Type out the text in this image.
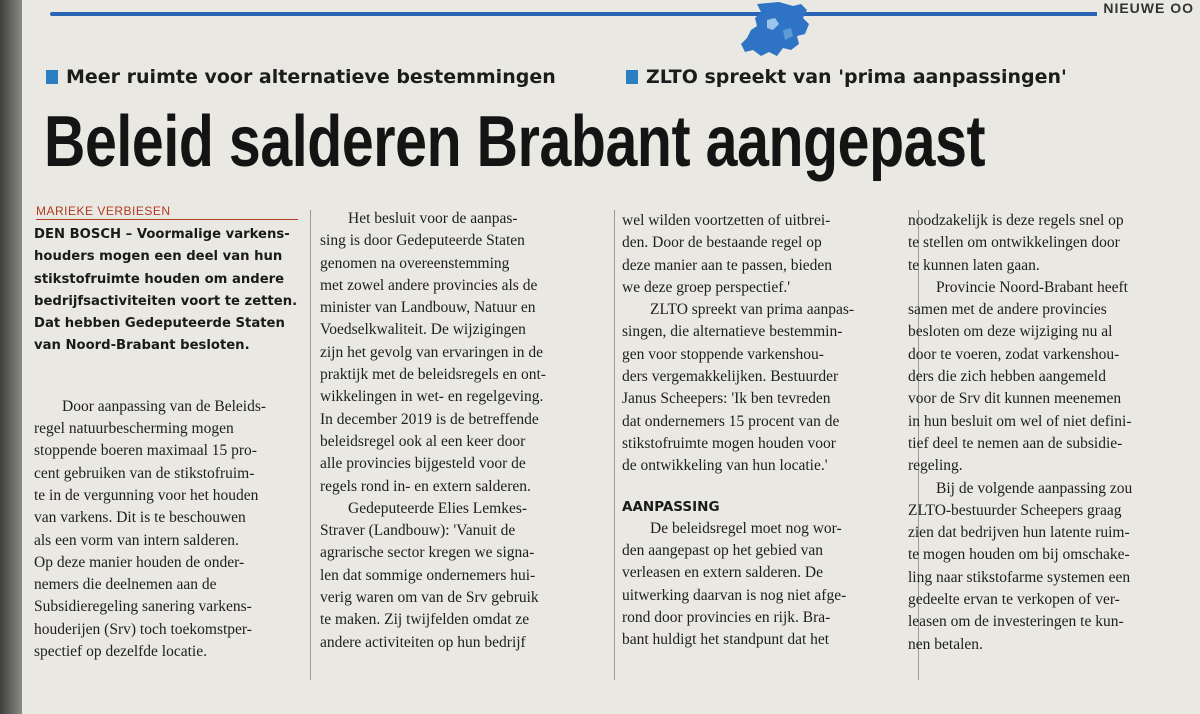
NIEUWE OO
Meer ruimte voor alternatieve bestemmingen	ZLTO spreekt van 'prima aanpassingen'
Beleid salderen Brabant aangepast
MARIEKE VERBIESEN
DEN BOSCH – Voormalige varkens-
houders mogen een deel van hun
stikstofruimte houden om andere
bedrijfsactiviteiten voort te zetten.
Dat hebben Gedeputeerde Staten
van Noord-Brabant besloten.
Door aanpassing van de Beleids-
regel natuurbescherming mogen
stoppende boeren maximaal 15 pro-
cent gebruiken van de stikstofruim-
te in de vergunning voor het houden
van varkens. Dit is te beschouwen
als een vorm van intern salderen.
Op deze manier houden de onder-
nemers die deelnemen aan de
Subsidieregeling sanering varkens-
houderijen (Srv) toch toekomstper-
spectief op dezelfde locatie.
Het besluit voor de aanpas-
sing is door Gedeputeerde Staten
genomen na overeenstemming
met zowel andere provincies als de
minister van Landbouw, Natuur en
Voedselkwaliteit. De wijzigingen
zijn het gevolg van ervaringen in de
praktijk met de beleidsregels en ont-
wikkelingen in wet- en regelgeving.
In december 2019 is de betreffende
beleidsregel ook al een keer door
alle provincies bijgesteld voor de
regels rond in- en extern salderen.
Gedeputeerde Elies Lemkes-
Straver (Landbouw): 'Vanuit de
agrarische sector kregen we signa-
len dat sommige ondernemers hui-
verig waren om van de Srv gebruik
te maken. Zij twijfelden omdat ze
andere activiteiten op hun bedrijf
wel wilden voortzetten of uitbrei-
den. Door de bestaande regel op
deze manier aan te passen, bieden
we deze groep perspectief.'
ZLTO spreekt van prima aanpas-
singen, die alternatieve bestemmin-
gen voor stoppende varkenshou-
ders vergemakkelijken. Bestuurder
Janus Scheepers: 'Ik ben tevreden
dat ondernemers 15 procent van de
stikstofruimte mogen houden voor
de ontwikkeling van hun locatie.'
AANPASSING
De beleidsregel moet nog wor-
den aangepast op het gebied van
verleasen en extern salderen. De
uitwerking daarvan is nog niet afge-
rond door provincies en rijk. Bra-
bant huldigt het standpunt dat het
noodzakelijk is deze regels snel op
te stellen om ontwikkelingen door
te kunnen laten gaan.
Provincie Noord-Brabant heeft
samen met de andere provincies
besloten om deze wijziging nu al
door te voeren, zodat varkenshou-
ders die zich hebben aangemeld
voor de Srv dit kunnen meenemen
in hun besluit om wel of niet defini-
tief deel te nemen aan de subsidie-
regeling.
Bij de volgende aanpassing zou
ZLTO-bestuurder Scheepers graag
zien dat bedrijven hun latente ruim-
te mogen houden om bij omschake-
ling naar stikstofarme systemen een
gedeelte ervan te verkopen of ver-
leasen om de investeringen te kun-
nen betalen.
